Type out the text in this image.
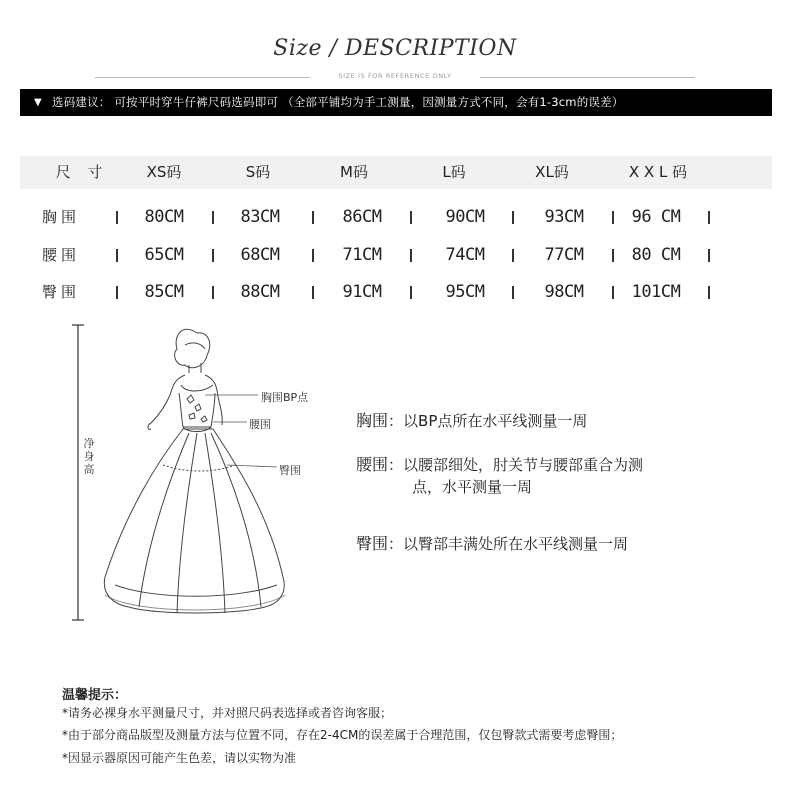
Size / DESCRIPTION
SIZE IS FOR REFERENCE ONLY
▼ 选码建议： 可按平时穿牛仔裤尺码选码即可 （全部平铺均为手工测量，因测量方式不同，会有1-3cm的误差）
尺 寸	XS码	S码	M码	L码	XL码	X X L 码
胸围	80CM	83CM	86CM	90CM	93CM	96 CM
腰围	65CM	68CM	71CM	74CM	77CM	80 CM
臀围	85CM	88CM	91CM	95CM	98CM	101CM
净
身
高
胸围BP点
腰围
臀围
胸围：以BP点所在水平线测量一周
腰围：以腰部细处，肘关节与腰部重合为测
点，水平测量一周
臀围：以臀部丰满处所在水平线测量一周
温馨提示：
*请务必裸身水平测量尺寸，并对照尺码表选择或者咨询客服；
*由于部分商品版型及测量方法与位置不同，存在2-4CM的误差属于合理范围，仅包臀款式需要考虑臀围；
*因显示器原因可能产生色差，请以实物为准
